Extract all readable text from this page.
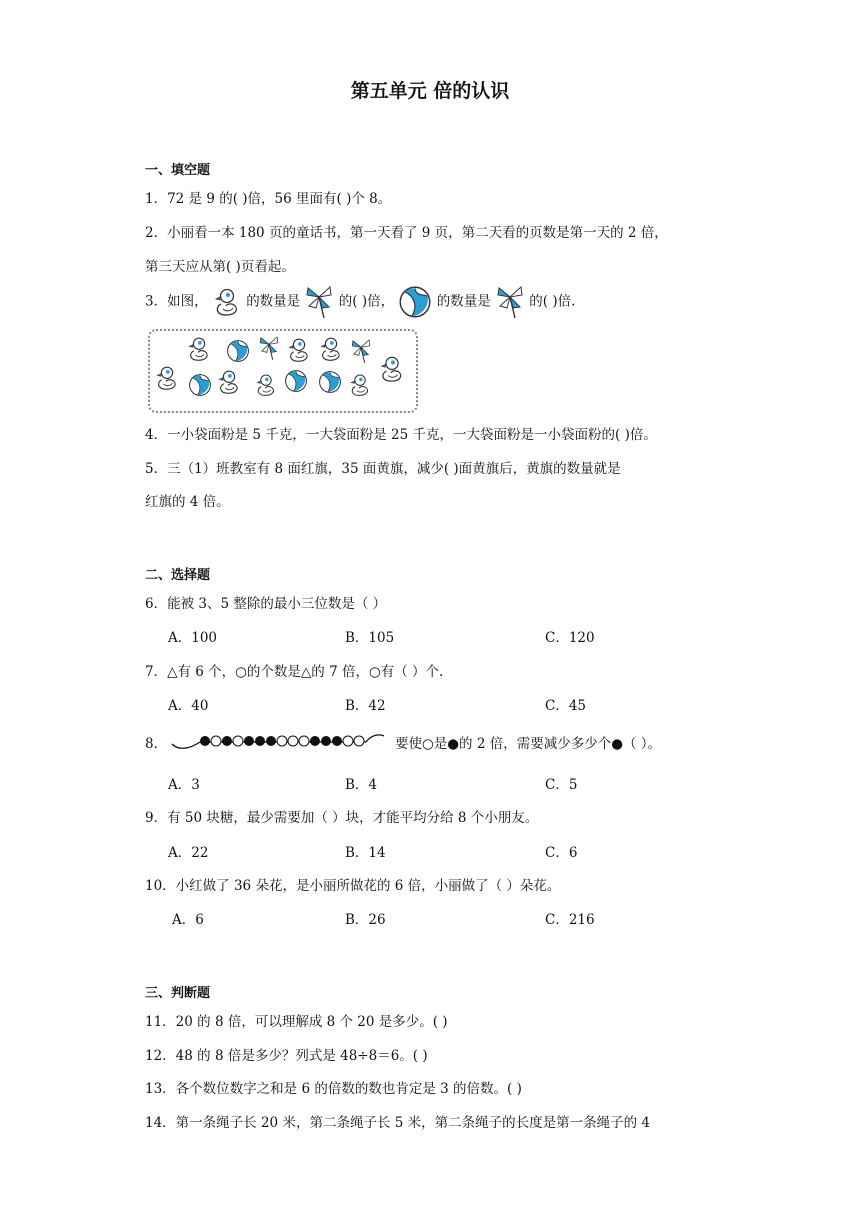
第五单元 倍的认识
一、填空题
1．72 是 9 的( )倍，56 里面有( )个 8。
2．小丽看一本 180 页的童话书，第一天看了 9 页，第二天看的页数是第一天的 2 倍，
第三天应从第( )页看起。
3．如图，	的数量是	的( )倍，	的数量是	的( )倍.
4．一小袋面粉是 5 千克，一大袋面粉是 25 千克，一大袋面粉是一小袋面粉的( )倍。
5．三（1）班教室有 8 面红旗，35 面黄旗，减少( )面黄旗后，黄旗的数量就是
红旗的 4 倍。
二、选择题
6．能被 3、5 整除的最小三位数是（ ）
A．100	B．105	C．120
7．△有 6 个，○的个数是△的 7 倍，○有（ ）个.
A．40	B．42	C．45
8．	要使○是●的 2 倍，需要减少多少个●（ ）。
A．3	B．4	C．5
9．有 50 块糖，最少需要加（ ）块，才能平均分给 8 个小朋友。
A．22	B．14	C．6
10．小红做了 36 朵花，是小丽所做花的 6 倍，小丽做了（ ）朵花。
A．6	B．26	C．216
三、判断题
11．20 的 8 倍，可以理解成 8 个 20 是多少。( )
12．48 的 8 倍是多少？列式是 48÷8＝6。( )
13．各个数位数字之和是 6 的倍数的数也肯定是 3 的倍数。( )
14．第一条绳子长 20 米，第二条绳子长 5 米，第二条绳子的长度是第一条绳子的 4
